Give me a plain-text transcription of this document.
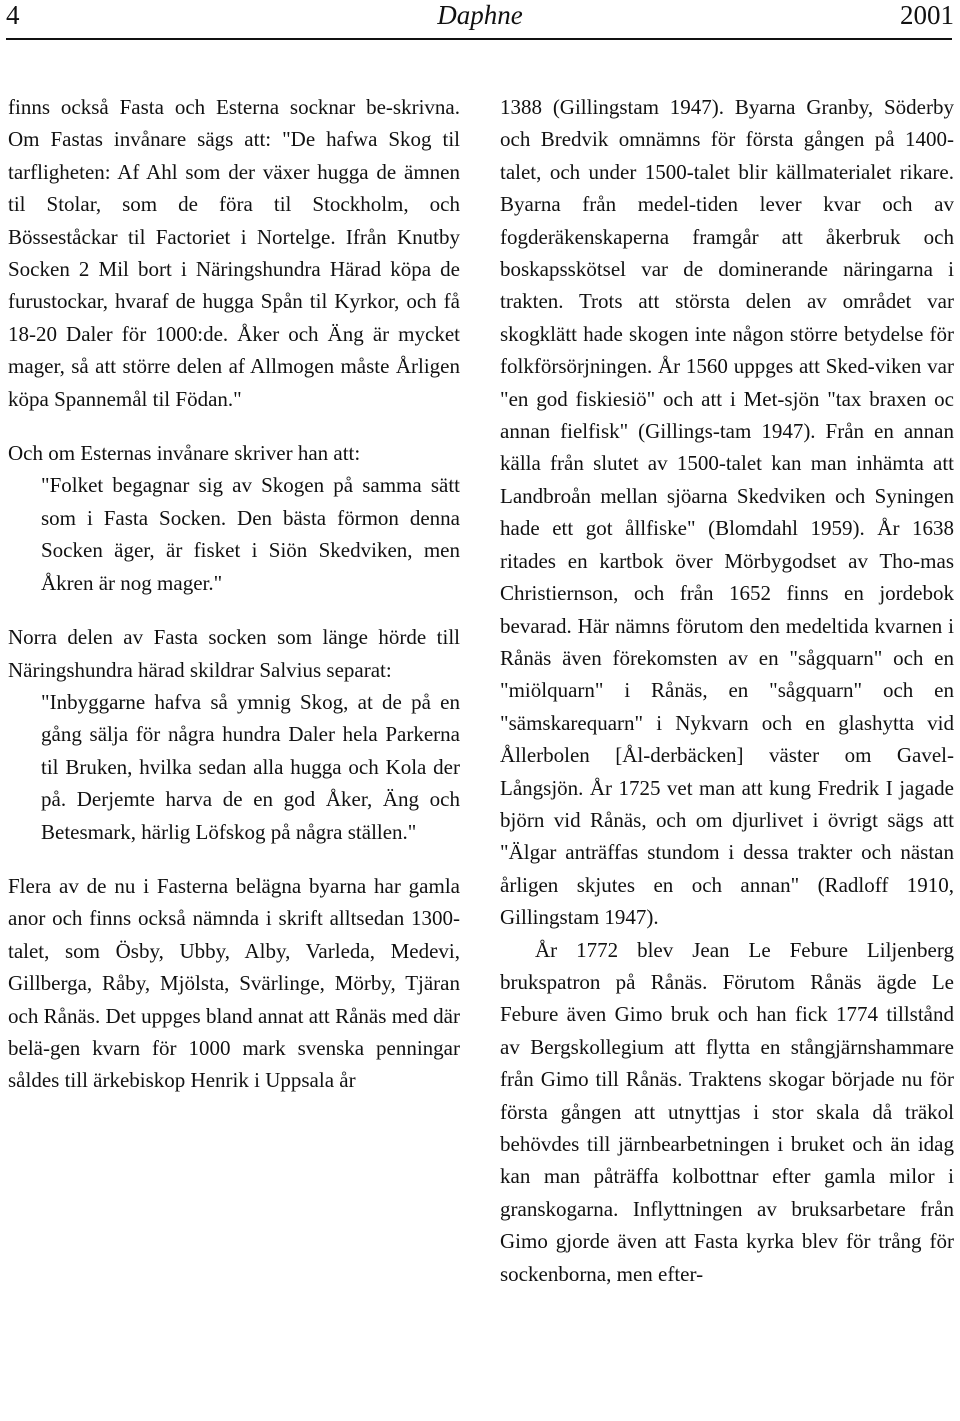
4	Daphne	2001

finns också Fasta och Esterna socknar be-skrivna. Om Fastas invånare sägs att: "De hafwa Skog til tarfligheten: Af Ahl som der växer hugga de ämnen til Stolar, som de föra til Stockholm, och Bösseståckar til Factoriet i Nortelge. Ifrån Knutby Socken 2 Mil bort i Näringshundra Härad köpa de furustockar, hvaraf de hugga Spån til Kyrkor, och få 18-20 Daler för 1000:de. Åker och Äng är mycket mager, så att större delen af Allmogen måste Årligen köpa Spannemål til Födan."

Och om Esternas invånare skriver han att:

"Folket begagnar sig av Skogen på samma sätt som i Fasta Socken. Den bästa förmon denna Socken äger, är fisket i Siön Skedviken, men Åkren är nog mager."

Norra delen av Fasta socken som länge hörde till Näringshundra härad skildrar Salvius separat:

"Inbyggarne hafva så ymnig Skog, at de på en gång sälja för några hundra Daler hela Parkerna til Bruken, hvilka sedan alla hugga och Kola der på. Derjemte harva de en god Åker, Äng och Betesmark, härlig Löfskog på några ställen."

Flera av de nu i Fasterna belägna byarna har gamla anor och finns också nämnda i skrift alltsedan 1300-talet, som Ösby, Ubby, Alby, Varleda, Medevi, Gillberga, Råby, Mjölsta, Svärlinge, Mörby, Tjäran och Rånäs. Det uppges bland annat att Rånäs med där belä-gen kvarn för 1000 mark svenska penningar såldes till ärkebiskop Henrik i Uppsala år

1388 (Gillingstam 1947). Byarna Granby, Söderby och Bredvik omnämns för första gången på 1400-talet, och under 1500-talet blir källmaterialet rikare. Byarna från medel-tiden lever kvar och av fogderäkenskaperna framgår att åkerbruk och boskapsskötsel var de dominerande näringarna i trakten. Trots att största delen av området var skogklätt hade skogen inte någon större betydelse för folkförsörjningen. År 1560 uppges att Sked-viken var "en god fiskiesiö" och att i Met-sjön "tax braxen oc annan fielfisk" (Gillings-tam 1947). Från en annan källa från slutet av 1500-talet kan man inhämta att Landbroån mellan sjöarna Skedviken och Syningen hade ett got ållfiske" (Blomdahl 1959). År 1638 ritades en kartbok över Mörbygodset av Tho-mas Christiernson, och från 1652 finns en jordebok bevarad. Här nämns förutom den medeltida kvarnen i Rånäs även förekomsten av en "sågquarn" och en "miölquarn" i Rånäs, en "sågquarn" och en "sämskarequarn" i Nykvarn och en glashytta vid Ållerbolen [Ål-derbäcken] väster om Gavel-Långsjön. År 1725 vet man att kung Fredrik I jagade björn vid Rånäs, och om djurlivet i övrigt sägs att "Älgar anträffas stundom i dessa trakter och nästan årligen skjutes en och annan" (Radloff 1910, Gillingstam 1947).

År 1772 blev Jean Le Febure Liljenberg brukspatron på Rånäs. Förutom Rånäs ägde Le Febure även Gimo bruk och han fick 1774 tillstånd av Bergskollegium att flytta en stångjärnshammare från Gimo till Rånäs. Traktens skogar började nu för första gången att utnyttjas i stor skala då träkol behövdes till järnbearbetningen i bruket och än idag kan man påträffa kolbottnar efter gamla milor i granskogarna. Inflyttningen av bruksarbetare från Gimo gjorde även att Fasta kyrka blev för trång för sockenborna, men efter-
